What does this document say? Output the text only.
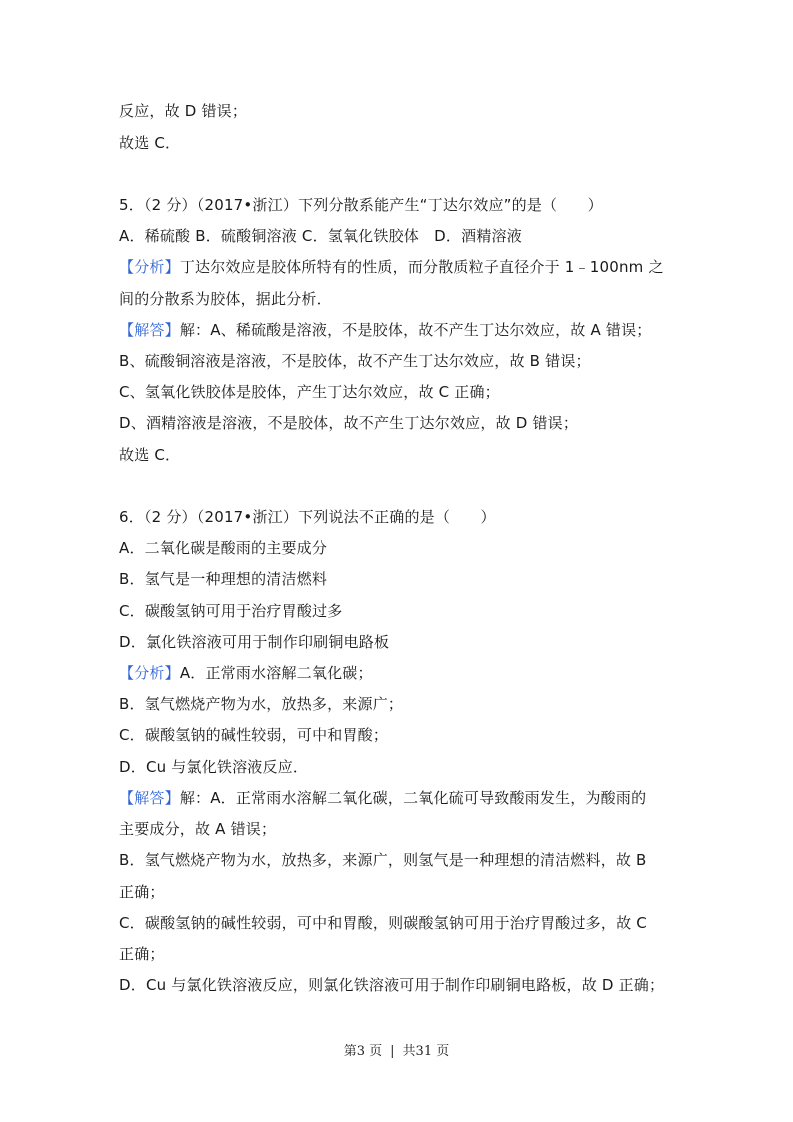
反应，故 D 错误；
故选 C．
5．（2 分）（2017•浙江）下列分散系能产生“丁达尔效应”的是（　　）
A．稀硫酸 B．硫酸铜溶液 C．氢氧化铁胶体　D．酒精溶液
【分析】丁达尔效应是胶体所特有的性质，而分散质粒子直径介于 1﹣100nm 之
间的分散系为胶体，据此分析．
【解答】解：A、稀硫酸是溶液，不是胶体，故不产生丁达尔效应，故 A 错误；
B、硫酸铜溶液是溶液，不是胶体，故不产生丁达尔效应，故 B 错误；
C、氢氧化铁胶体是胶体，产生丁达尔效应，故 C 正确；
D、酒精溶液是溶液，不是胶体，故不产生丁达尔效应，故 D 错误；
故选 C．
6．（2 分）（2017•浙江）下列说法不正确的是（　　）
A．二氧化碳是酸雨的主要成分
B．氢气是一种理想的清洁燃料
C．碳酸氢钠可用于治疗胃酸过多
D．氯化铁溶液可用于制作印刷铜电路板
【分析】A．正常雨水溶解二氧化碳；
B．氢气燃烧产物为水，放热多，来源广；
C．碳酸氢钠的碱性较弱，可中和胃酸；
D．Cu 与氯化铁溶液反应．
【解答】解：A．正常雨水溶解二氧化碳，二氧化硫可导致酸雨发生，为酸雨的
主要成分，故 A 错误；
B．氢气燃烧产物为水，放热多，来源广，则氢气是一种理想的清洁燃料，故 B
正确；
C．碳酸氢钠的碱性较弱，可中和胃酸，则碳酸氢钠可用于治疗胃酸过多，故 C
正确；
D．Cu 与氯化铁溶液反应，则氯化铁溶液可用于制作印刷铜电路板，故 D 正确；
第3 页 | 共31 页
